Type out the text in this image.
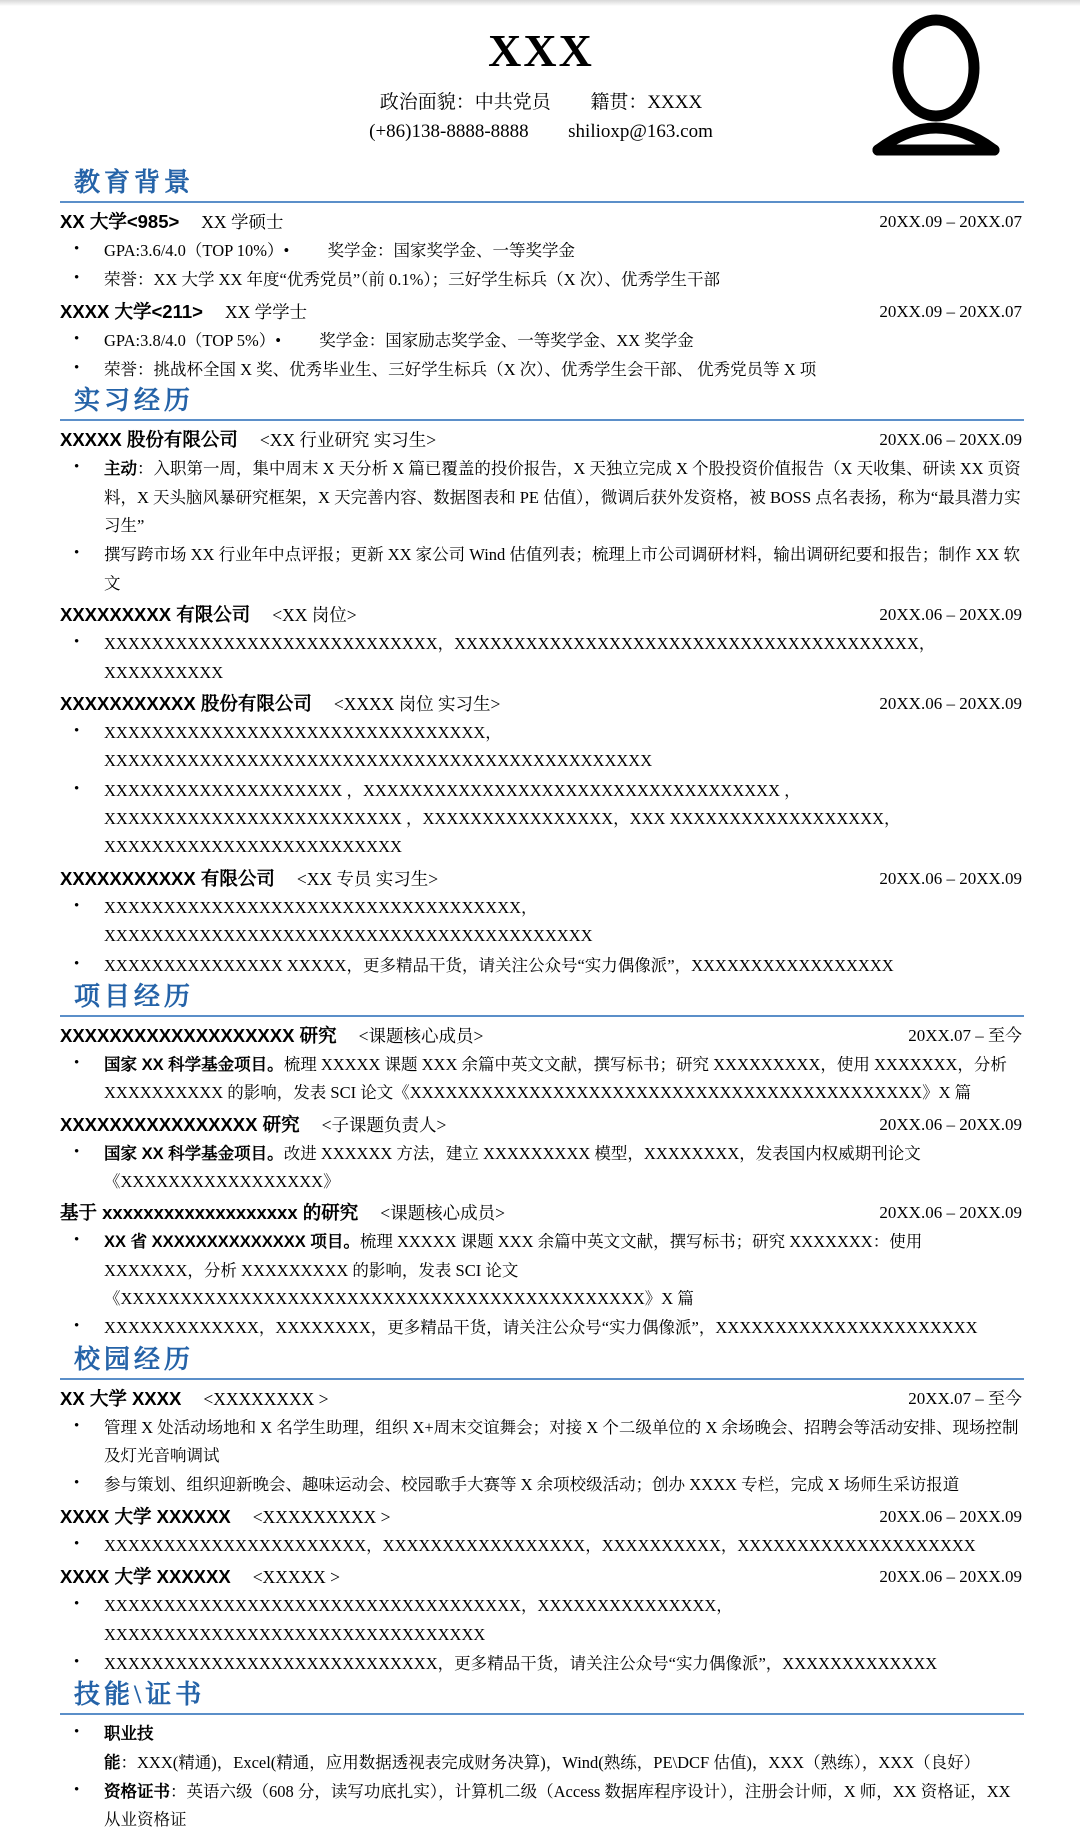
XXX
政治面貌：中共党员 籍贯：XXXX
(+86)138-8888-8888 shilioxp@163.com
教育背景
XX 大学<985> XX 学硕士	20XX.09 – 20XX.07
• GPA:3.6/4.0（TOP 10%） • 奖学金：国家奖学金、一等奖学金
• 荣誉：XX 大学 XX 年度“优秀党员”（前 0.1%）；三好学生标兵（X 次）、优秀学生干部
XXXX 大学<211> XX 学学士	20XX.09 – 20XX.07
• GPA:3.8/4.0（TOP 5%） • 奖学金：国家励志奖学金、一等奖学金、XX 奖学金
• 荣誉：挑战杯全国 X 奖、优秀毕业生、三好学生标兵（X 次）、优秀学生会干部、 优秀党员等 X 项
实习经历
XXXXX 股份有限公司 <XX 行业研究 实习生>	20XX.06 – 20XX.09
• 主动：入职第一周，集中周末 X 天分析 X 篇已覆盖的投价报告，X 天独立完成 X 个股投资价值报告（X 天收集、研读 XX 页资料，X 天头脑风暴研究框架，X 天完善内容、数据图表和 PE 估值），微调后获外发资格，被 BOSS 点名表扬，称为“最具潜力实习生”
• 撰写跨市场 XX 行业年中点评报；更新 XX 家公司 Wind 估值列表；梳理上市公司调研材料，输出调研纪要和报告；制作 XX 软文
XXXXXXXXX 有限公司 <XX 岗位>	20XX.06 – 20XX.09
• XXXXXXXXXXXXXXXXXXXXXXXXXXXX，XXXXXXXXXXXXXXXXXXXXXXXXXXXXXXXXXXXXXXX，XXXXXXXXXX
XXXXXXXXXXX 股份有限公司 <XXXX 岗位 实习生>	20XX.06 – 20XX.09
• XXXXXXXXXXXXXXXXXXXXXXXXXXXXXXXX，XXXXXXXXXXXXXXXXXXXXXXXXXXXXXXXXXXXXXXXXXXXXXX
• XXXXXXXXXXXXXXXXXXXX ，XXXXXXXXXXXXXXXXXXXXXXXXXXXXXXXXXXX ，XXXXXXXXXXXXXXXXXXXXXXXXX ，XXXXXXXXXXXXXXXX，XXX XXXXXXXXXXXXXXXXXX，XXXXXXXXXXXXXXXXXXXXXXXXX
XXXXXXXXXXX 有限公司 <XX 专员 实习生>	20XX.06 – 20XX.09
• XXXXXXXXXXXXXXXXXXXXXXXXXXXXXXXXXXX，XXXXXXXXXXXXXXXXXXXXXXXXXXXXXXXXXXXXXXXXX
• XXXXXXXXXXXXXXX XXXXX，更多精品干货，请关注公众号“实力偶像派”，XXXXXXXXXXXXXXXXX
项目经历
XXXXXXXXXXXXXXXXXXX 研究 <课题核心成员>	20XX.07 – 至今
• 国家 XX 科学基金项目。梳理 XXXXX 课题 XXX 余篇中英文文献，撰写标书；研究 XXXXXXXXX，使用 XXXXXXX，分析 XXXXXXXXXX 的影响，发表 SCI 论文《XXXXXXXXXXXXXXXXXXXXXXXXXXXXXXXXXXXXXXXXXXX》X 篇
XXXXXXXXXXXXXXXX 研究 <子课题负责人>	20XX.06 – 20XX.09
• 国家 XX 科学基金项目。改进 XXXXXX 方法，建立 XXXXXXXXX 模型，XXXXXXXX，发表国内权威期刊论文《XXXXXXXXXXXXXXXXX》
基于 xxxxxxxxxxxxxxxxxxx 的研究 <课题核心成员>	20XX.06 – 20XX.09
• XX 省 XXXXXXXXXXXXXX 项目。梳理 XXXXX 课题 XXX 余篇中英文文献，撰写标书；研究 XXXXXXX：使用 XXXXXXX，分析 XXXXXXXXX 的影响，发表 SCI 论文《XXXXXXXXXXXXXXXXXXXXXXXXXXXXXXXXXXXXXXXXXXXX》X 篇
• XXXXXXXXXXXXX，XXXXXXXX，更多精品干货，请关注公众号“实力偶像派”，XXXXXXXXXXXXXXXXXXXXXX
校园经历
XX 大学 XXXX <XXXXXXXX >	20XX.07 – 至今
• 管理 X 处活动场地和 X 名学生助理，组织 X+周末交谊舞会；对接 X 个二级单位的 X 余场晚会、招聘会等活动安排、现场控制及灯光音响调试
• 参与策划、组织迎新晚会、趣味运动会、校园歌手大赛等 X 余项校级活动；创办 XXXX 专栏，完成 X 场师生采访报道
XXXX 大学 XXXXXX <XXXXXXXXX >	20XX.06 – 20XX.09
• XXXXXXXXXXXXXXXXXXXXXX，XXXXXXXXXXXXXXXXX，XXXXXXXXXX，XXXXXXXXXXXXXXXXXXXX
XXXX 大学 XXXXXX <XXXXX >	20XX.06 – 20XX.09
• XXXXXXXXXXXXXXXXXXXXXXXXXXXXXXXXXXX，XXXXXXXXXXXXXXX，XXXXXXXXXXXXXXXXXXXXXXXXXXXXXXXX
• XXXXXXXXXXXXXXXXXXXXXXXXXXXX，更多精品干货，请关注公众号“实力偶像派”，XXXXXXXXXXXXX
技能\证书
• 职业技能：XXX(精通)，Excel(精通，应用数据透视表完成财务决算)，Wind(熟练，PE\DCF 估值)，XXX（熟练），XXX（良好）
• 资格证书：英语六级（608 分，读写功底扎实），计算机二级（Access 数据库程序设计），注册会计师，X 师，XX 资格证，XX 从业资格证
